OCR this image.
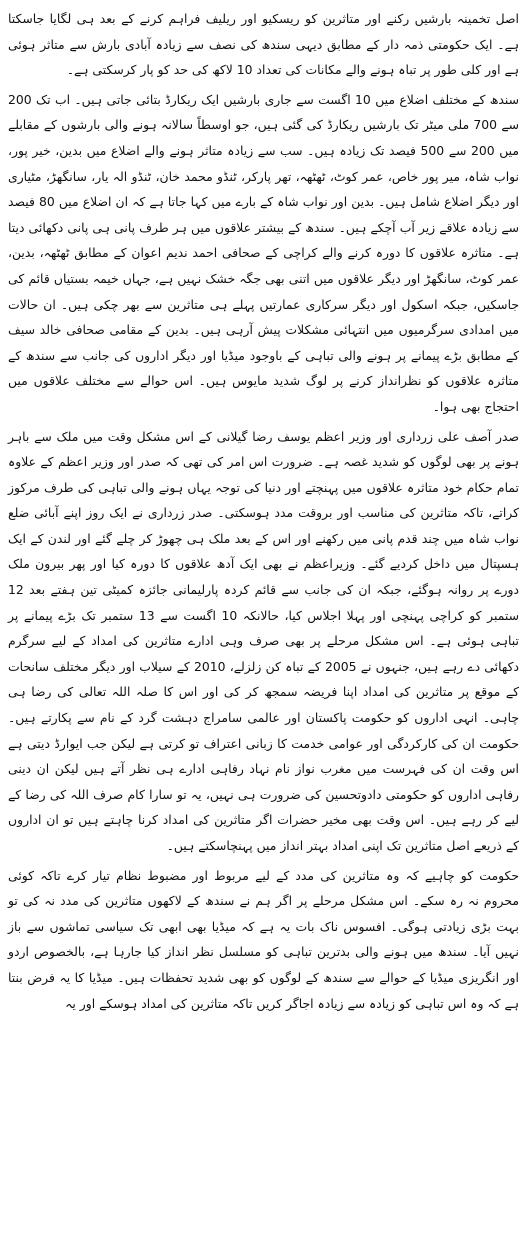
اصل تخمینہ بارشیں رکنے اور متاثرین کو ریسکیو اور ریلیف فراہم کرنے کے بعد ہی لگایا جاسکتا ہے۔ ایک حکومتی ذمہ دار کے مطابق دیہی سندھ کی نصف سے زیادہ آبادی بارش سے متاثر ہوئی ہے اور کلی طور پر تباہ ہونے والے مکانات کی تعداد 10 لاکھ کی حد کو پار کرسکتی ہے۔

سندھ کے مختلف اضلاع میں 10 اگست سے جاری بارشیں ایک ریکارڈ بتائی جاتی ہیں۔ اب تک 200 سے 700 ملی میٹر تک بارشیں ریکارڈ کی گئی ہیں، جو اوسطاً سالانہ ہونے والی بارشوں کے مقابلے میں 200 سے 500 فیصد تک زیادہ ہیں۔ سب سے زیادہ متاثر ہونے والے اضلاع میں بدین، خیر پور، نواب شاہ، میر پور خاص، عمر کوٹ، ٹھٹھہ، تھر پارکر، ٹنڈو محمد خان، ٹنڈو الہ یار، سانگھڑ، مٹیاری اور دیگر اضلاع شامل ہیں۔ بدین اور نواب شاہ کے بارے میں کہا جاتا ہے کہ ان اضلاع میں 80 فیصد سے زیادہ علاقے زیر آب آچکے ہیں۔ سندھ کے بیشتر علاقوں میں ہر طرف پانی ہی پانی دکھائی دیتا ہے۔ متاثرہ علاقوں کا دورہ کرنے والے کراچی کے صحافی احمد ندیم اعوان کے مطابق ٹھٹھہ، بدین، عمر کوٹ، سانگھڑ اور دیگر علاقوں میں اتنی بھی جگہ خشک نہیں ہے، جہاں خیمہ بستیاں قائم کی جاسکیں، جبکہ اسکول اور دیگر سرکاری عمارتیں پہلے ہی متاثرین سے بھر چکی ہیں۔ ان حالات میں امدادی سرگرمیوں میں انتہائی مشکلات پیش آرہی ہیں۔ بدین کے مقامی صحافی خالد سیف کے مطابق بڑے پیمانے پر ہونے والی تباہی کے باوجود میڈیا اور دیگر اداروں کی جانب سے سندھ کے متاثرہ علاقوں کو نظرانداز کرنے پر لوگ شدید مایوس ہیں۔ اس حوالے سے مختلف علاقوں میں احتجاج بھی ہوا۔

صدر آصف علی زرداری اور وزیر اعظم یوسف رضا گیلانی کے اس مشکل وقت میں ملک سے باہر ہونے پر بھی لوگوں کو شدید غصہ ہے۔ ضرورت اس امر کی تھی کہ صدر اور وزیر اعظم کے علاوہ تمام حکام خود متاثرہ علاقوں میں پہنچتے اور دنیا کی توجہ یہاں ہونے والی تباہی کی طرف مرکوز کراتے، تاکہ متاثرین کی مناسب اور بروقت مدد ہوسکتی۔ صدر زرداری نے ایک روز اپنے آبائی ضلع نواب شاہ میں چند قدم پانی میں رکھنے اور اس کے بعد ملک ہی چھوڑ کر چلے گئے اور لندن کے ایک ہسپتال میں داخل کردیے گئے۔ وزیراعظم نے بھی ایک آدھ علاقوں کا دورہ کیا اور پھر بیرون ملک دورے پر روانہ ہوگئے، جبکہ ان کی جانب سے قائم کردہ پارلیمانی جائزہ کمیٹی تین ہفتے بعد 12 ستمبر کو کراچی پہنچی اور پہلا اجلاس کیا، حالانکہ 10 اگست سے 13 ستمبر تک بڑے پیمانے پر تباہی ہوئی ہے۔ اس مشکل مرحلے پر بھی صرف وہی ادارے متاثرین کی امداد کے لیے سرگرم دکھائی دے رہے ہیں، جنہوں نے 2005 کے تباہ کن زلزلے، 2010 کے سیلاب اور دیگر مختلف سانحات کے موقع پر متاثرین کی امداد اپنا فریضہ سمجھ کر کی اور اس کا صلہ اللہ تعالی کی رضا ہی چاہی۔ انہی اداروں کو حکومت پاکستان اور عالمی سامراج دہشت گرد کے نام سے پکارتے ہیں۔ حکومت ان کی کارکردگی اور عوامی خدمت کا زبانی اعتراف تو کرتی ہے لیکن جب ایوارڈ دیتی ہے اس وقت ان کی فہرست میں مغرب نواز نام نہاد رفاہی ادارے ہی نظر آتے ہیں لیکن ان دینی رفاہی اداروں کو حکومتی دادوتحسین کی ضرورت ہی نہیں، یہ تو سارا کام صرف اللہ کی رضا کے لیے کر رہے ہیں۔ اس وقت بھی مخیر حضرات اگر متاثرین کی امداد کرنا چاہتے ہیں تو ان اداروں کے ذریعے اصل متاثرین تک اپنی امداد بہتر انداز میں پہنچاسکتے ہیں۔

حکومت کو چاہیے کہ وہ متاثرین کی مدد کے لیے مربوط اور مضبوط نظام تیار کرے تاکہ کوئی محروم نہ رہ سکے۔ اس مشکل مرحلے پر اگر ہم نے سندھ کے لاکھوں متاثرین کی مدد نہ کی تو بہت بڑی زیادتی ہوگی۔ افسوس ناک بات یہ ہے کہ میڈیا بھی ابھی تک سیاسی تماشوں سے باز نہیں آیا۔ سندھ میں ہونے والی بدترین تباہی کو مسلسل نظر انداز کیا جارہا ہے، بالخصوص اردو اور انگریزی میڈیا کے حوالے سے سندھ کے لوگوں کو بھی شدید تحفظات ہیں۔ میڈیا کا یہ فرض بنتا ہے کہ وہ اس تباہی کو زیادہ سے زیادہ اجاگر کریں تاکہ متاثرین کی امداد ہوسکے اور یہ
